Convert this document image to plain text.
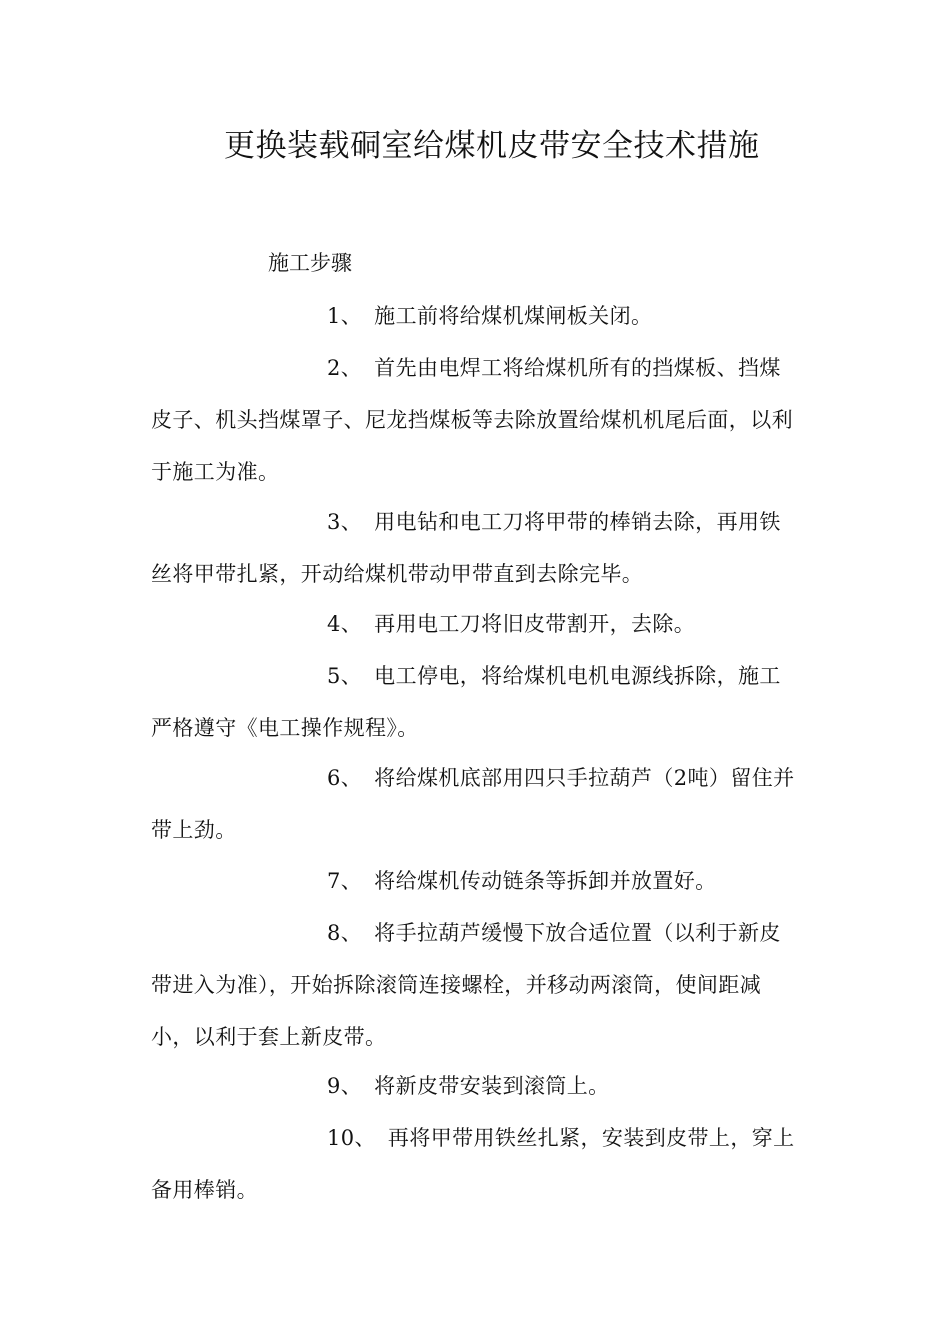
更换装载硐室给煤机皮带安全技术措施
施工步骤

1、 施工前将给煤机煤闸板关闭。

2、 首先由电焊工将给煤机所有的挡煤板、挡煤皮子、机头挡煤罩子、尼龙挡煤板等去除放置给煤机机尾后面，以利于施工为准。

3、 用电钻和电工刀将甲带的棒销去除，再用铁丝将甲带扎紧，开动给煤机带动甲带直到去除完毕。

4、 再用电工刀将旧皮带割开，去除。

5、 电工停电，将给煤机电机电源线拆除，施工严格遵守《电工操作规程》。

6、 将给煤机底部用四只手拉葫芦（2吨）留住并带上劲。

7、 将给煤机传动链条等拆卸并放置好。

8、 将手拉葫芦缓慢下放合适位置（以利于新皮带进入为准），开始拆除滚筒连接螺栓，并移动两滚筒，使间距减小，以利于套上新皮带。

9、 将新皮带安装到滚筒上。

10、 再将甲带用铁丝扎紧，安装到皮带上，穿上备用棒销。
